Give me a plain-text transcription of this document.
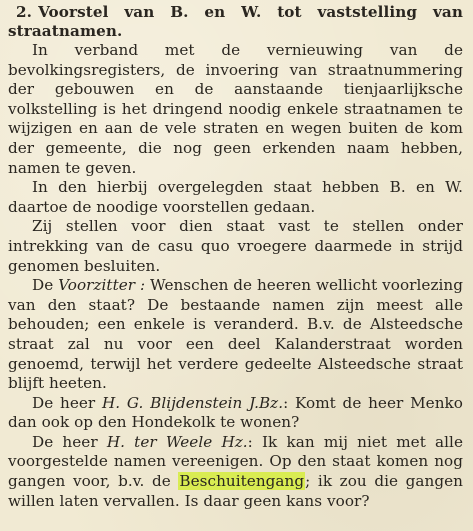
2. Voorstel van B. en W. tot vaststelling van straatnamen.

In verband met de vernieuwing van de bevolkingsregisters, de invoering van straatnummering der gebouwen en de aanstaande tienjaarlijksche volkstelling is het dringend noodig enkele straatnamen te wijzigen en aan de vele straten en wegen buiten de kom der gemeente, die nog geen erkenden naam hebben, namen te geven.

In den hierbij overgelegden staat hebben B. en W. daartoe de noodige voorstellen gedaan.

Zij stellen voor dien staat vast te stellen onder intrekking van de casu quo vroegere daarmede in strijd genomen besluiten.

De Voorzitter : Wenschen de heeren wellicht voorlezing van den staat? De bestaande namen zijn meest alle behouden; een enkele is veranderd. B.v. de Alsteedsche straat zal nu voor een deel Kalanderstraat worden genoemd, terwijl het verdere gedeelte Alsteedsche straat blijft heeten.

De heer H. G. Blijdenstein J.Bz.: Komt de heer Menko dan ook op den Hondekolk te wonen?

De heer H. ter Weele Hz.: Ik kan mij niet met alle voorgestelde namen vereenigen. Op den staat komen nog gangen voor, b.v. de Beschuitengang; ik zou die gangen willen laten vervallen. Is daar geen kans voor?
